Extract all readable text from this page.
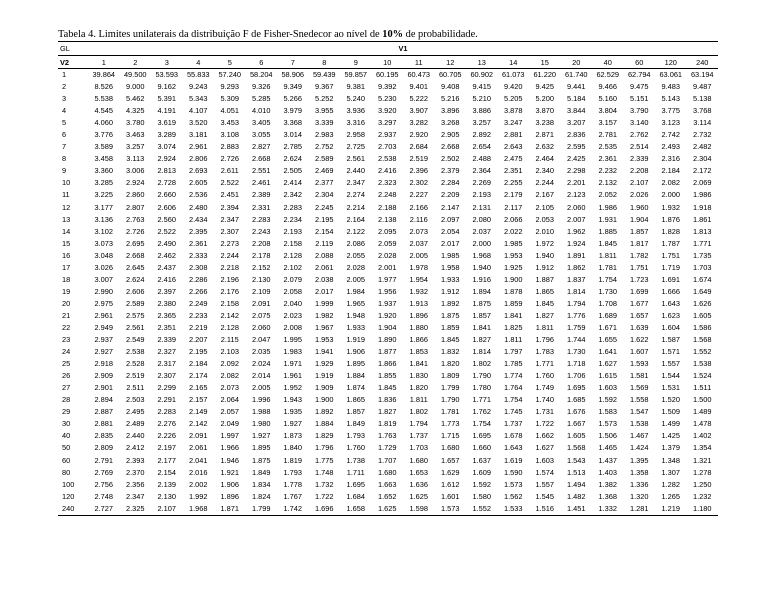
Tabela 4. Limites unilaterais da distribuição F de Fisher-Snedecor ao nível de 10% de probabilidade.
GL	V1																			
V2	1	2	3	4	5	6	7	8	9	10	11	12	13	14	15	20	40	60	120	240
1	39.864	49.500	53.593	55.833	57.240	58.204	58.906	59.439	59.857	60.195	60.473	60.705	60.902	61.073	61.220	61.740	62.529	62.794	63.061	63.194
2	8.526	9.000	9.162	9.243	9.293	9.326	9.349	9.367	9.381	9.392	9.401	9.408	9.415	9.420	9.425	9.441	9.466	9.475	9.483	9.487
3	5.538	5.462	5.391	5.343	5.309	5.285	5.266	5.252	5.240	5.230	5.222	5.216	5.210	5.205	5.200	5.184	5.160	5.151	5.143	5.138
4	4.545	4.325	4.191	4.107	4.051	4.010	3.979	3.955	3.936	3.920	3.907	3.896	3.886	3.878	3.870	3.844	3.804	3.790	3.775	3.768
5	4.060	3.780	3.619	3.520	3.453	3.405	3.368	3.339	3.316	3.297	3.282	3.268	3.257	3.247	3.238	3.207	3.157	3.140	3.123	3.114
6	3.776	3.463	3.289	3.181	3.108	3.055	3.014	2.983	2.958	2.937	2.920	2.905	2.892	2.881	2.871	2.836	2.781	2.762	2.742	2.732
7	3.589	3.257	3.074	2.961	2.883	2.827	2.785	2.752	2.725	2.703	2.684	2.668	2.654	2.643	2.632	2.595	2.535	2.514	2.493	2.482
8	3.458	3.113	2.924	2.806	2.726	2.668	2.624	2.589	2.561	2.538	2.519	2.502	2.488	2.475	2.464	2.425	2.361	2.339	2.316	2.304
9	3.360	3.006	2.813	2.693	2.611	2.551	2.505	2.469	2.440	2.416	2.396	2.379	2.364	2.351	2.340	2.298	2.232	2.208	2.184	2.172
10	3.285	2.924	2.728	2.605	2.522	2.461	2.414	2.377	2.347	2.323	2.302	2.284	2.269	2.255	2.244	2.201	2.132	2.107	2.082	2.069
11	3.225	2.860	2.660	2.536	2.451	2.389	2.342	2.304	2.274	2.248	2.227	2.209	2.193	2.179	2.167	2.123	2.052	2.026	2.000	1.986
12	3.177	2.807	2.606	2.480	2.394	2.331	2.283	2.245	2.214	2.188	2.166	2.147	2.131	2.117	2.105	2.060	1.986	1.960	1.932	1.918
13	3.136	2.763	2.560	2.434	2.347	2.283	2.234	2.195	2.164	2.138	2.116	2.097	2.080	2.066	2.053	2.007	1.931	1.904	1.876	1.861
14	3.102	2.726	2.522	2.395	2.307	2.243	2.193	2.154	2.122	2.095	2.073	2.054	2.037	2.022	2.010	1.962	1.885	1.857	1.828	1.813
15	3.073	2.695	2.490	2.361	2.273	2.208	2.158	2.119	2.086	2.059	2.037	2.017	2.000	1.985	1.972	1.924	1.845	1.817	1.787	1.771
16	3.048	2.668	2.462	2.333	2.244	2.178	2.128	2.088	2.055	2.028	2.005	1.985	1.968	1.953	1.940	1.891	1.811	1.782	1.751	1.735
17	3.026	2.645	2.437	2.308	2.218	2.152	2.102	2.061	2.028	2.001	1.978	1.958	1.940	1.925	1.912	1.862	1.781	1.751	1.719	1.703
18	3.007	2.624	2.416	2.286	2.196	2.130	2.079	2.038	2.005	1.977	1.954	1.933	1.916	1.900	1.887	1.837	1.754	1.723	1.691	1.674
19	2.990	2.606	2.397	2.266	2.176	2.109	2.058	2.017	1.984	1.956	1.932	1.912	1.894	1.878	1.865	1.814	1.730	1.699	1.666	1.649
20	2.975	2.589	2.380	2.249	2.158	2.091	2.040	1.999	1.965	1.937	1.913	1.892	1.875	1.859	1.845	1.794	1.708	1.677	1.643	1.626
21	2.961	2.575	2.365	2.233	2.142	2.075	2.023	1.982	1.948	1.920	1.896	1.875	1.857	1.841	1.827	1.776	1.689	1.657	1.623	1.605
22	2.949	2.561	2.351	2.219	2.128	2.060	2.008	1.967	1.933	1.904	1.880	1.859	1.841	1.825	1.811	1.759	1.671	1.639	1.604	1.586
23	2.937	2.549	2.339	2.207	2.115	2.047	1.995	1.953	1.919	1.890	1.866	1.845	1.827	1.811	1.796	1.744	1.655	1.622	1.587	1.568
24	2.927	2.538	2.327	2.195	2.103	2.035	1.983	1.941	1.906	1.877	1.853	1.832	1.814	1.797	1.783	1.730	1.641	1.607	1.571	1.552
25	2.918	2.528	2.317	2.184	2.092	2.024	1.971	1.929	1.895	1.866	1.841	1.820	1.802	1.785	1.771	1.718	1.627	1.593	1.557	1.538
26	2.909	2.519	2.307	2.174	2.082	2.014	1.961	1.919	1.884	1.855	1.830	1.809	1.790	1.774	1.760	1.706	1.615	1.581	1.544	1.524
27	2.901	2.511	2.299	2.165	2.073	2.005	1.952	1.909	1.874	1.845	1.820	1.799	1.780	1.764	1.749	1.695	1.603	1.569	1.531	1.511
28	2.894	2.503	2.291	2.157	2.064	1.996	1.943	1.900	1.865	1.836	1.811	1.790	1.771	1.754	1.740	1.685	1.592	1.558	1.520	1.500
29	2.887	2.495	2.283	2.149	2.057	1.988	1.935	1.892	1.857	1.827	1.802	1.781	1.762	1.745	1.731	1.676	1.583	1.547	1.509	1.489
30	2.881	2.489	2.276	2.142	2.049	1.980	1.927	1.884	1.849	1.819	1.794	1.773	1.754	1.737	1.722	1.667	1.573	1.538	1.499	1.478
40	2.835	2.440	2.226	2.091	1.997	1.927	1.873	1.829	1.793	1.763	1.737	1.715	1.695	1.678	1.662	1.605	1.506	1.467	1.425	1.402
50	2.809	2.412	2.197	2.061	1.966	1.895	1.840	1.796	1.760	1.729	1.703	1.680	1.660	1.643	1.627	1.568	1.465	1.424	1.379	1.354
60	2.791	2.393	2.177	2.041	1.946	1.875	1.819	1.775	1.738	1.707	1.680	1.657	1.637	1.619	1.603	1.543	1.437	1.395	1.348	1.321
80	2.769	2.370	2.154	2.016	1.921	1.849	1.793	1.748	1.711	1.680	1.653	1.629	1.609	1.590	1.574	1.513	1.403	1.358	1.307	1.278
100	2.756	2.356	2.139	2.002	1.906	1.834	1.778	1.732	1.695	1.663	1.636	1.612	1.592	1.573	1.557	1.494	1.382	1.336	1.282	1.250
120	2.748	2.347	2.130	1.992	1.896	1.824	1.767	1.722	1.684	1.652	1.625	1.601	1.580	1.562	1.545	1.482	1.368	1.320	1.265	1.232
240	2.727	2.325	2.107	1.968	1.871	1.799	1.742	1.696	1.658	1.625	1.598	1.573	1.552	1.533	1.516	1.451	1.332	1.281	1.219	1.180
